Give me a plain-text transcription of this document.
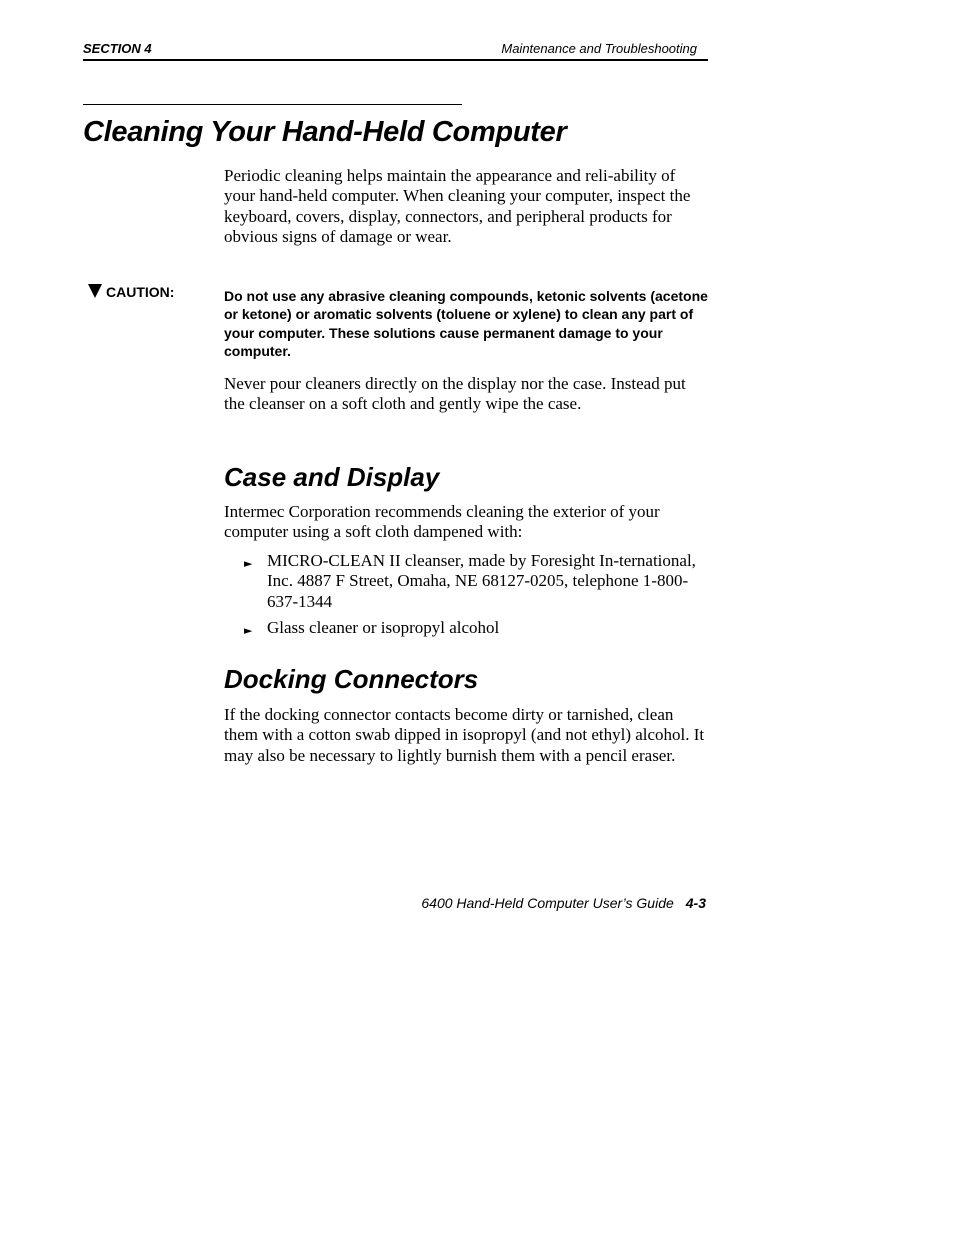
SECTION 4	Maintenance and Troubleshooting
Cleaning Your Hand-Held Computer

Periodic cleaning helps maintain the appearance and reli-ability of your hand-held computer. When cleaning your computer, inspect the keyboard, covers, display, connectors, and peripheral products for obvious signs of damage or wear.

CAUTION:	Do not use any abrasive cleaning compounds, ketonic solvents (acetone or ketone) or aromatic solvents (toluene or xylene) to clean any part of your computer. These solutions cause permanent damage to your computer.

Never pour cleaners directly on the display nor the case. Instead put the cleanser on a soft cloth and gently wipe the case.

Case and Display

Intermec Corporation recommends cleaning the exterior of your computer using a soft cloth dampened with:

► MICRO-CLEAN II cleanser, made by Foresight In-ternational, Inc. 4887 F Street, Omaha, NE 68127-0205, telephone 1-800-637-1344
► Glass cleaner or isopropyl alcohol
Docking Connectors

If the docking connector contacts become dirty or tarnished, clean them with a cotton swab dipped in isopropyl (and not ethyl) alcohol. It may also be necessary to lightly burnish them with a pencil eraser.

6400 Hand-Held Computer User’s Guide 4-3
